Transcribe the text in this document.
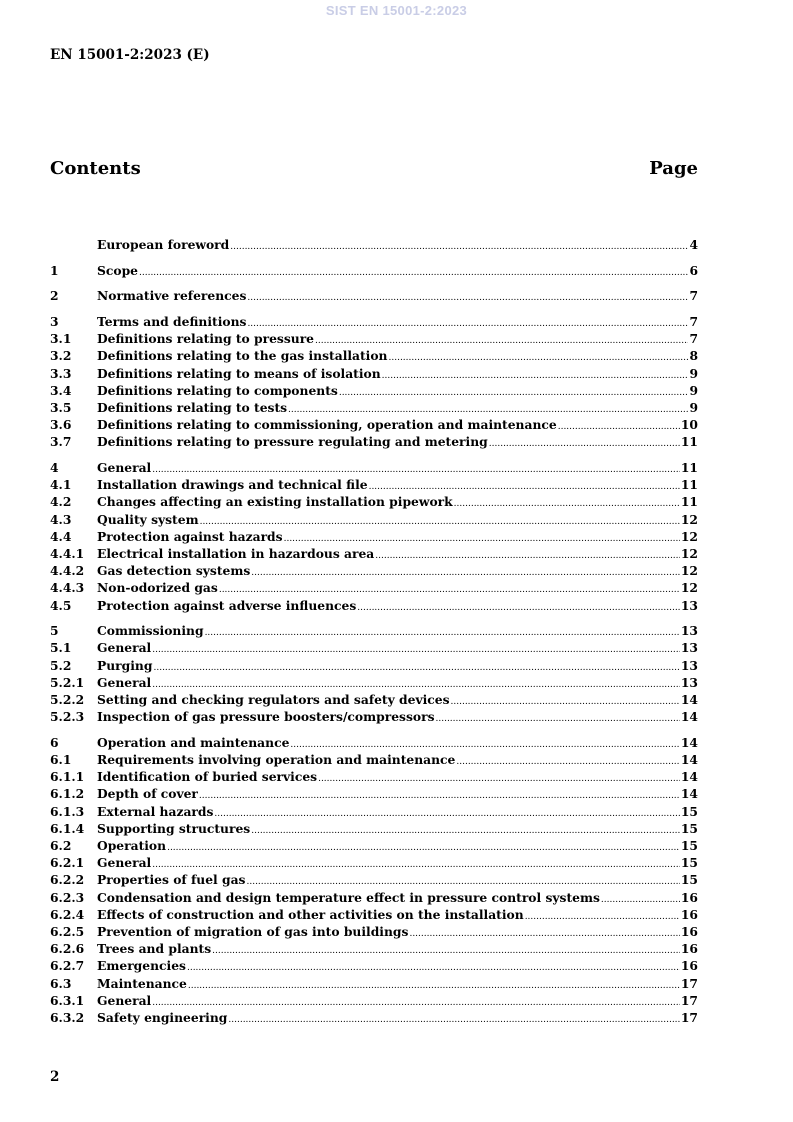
SIST EN 15001-2:2023
EN 15001-2:2023 (E)
Contents	Page
European foreword .....	4
1	Scope .....	6
2	Normative references .....	7
3	Terms and definitions .....	7
3.1	Definitions relating to pressure .....	7
3.2	Definitions relating to the gas installation .....	8
3.3	Definitions relating to means of isolation .....	9
3.4	Definitions relating to components .....	9
3.5	Definitions relating to tests .....	9
3.6	Definitions relating to commissioning, operation and maintenance .....	10
3.7	Definitions relating to pressure regulating and metering .....	11
4	General .....	11
4.1	Installation drawings and technical file .....	11
4.2	Changes affecting an existing installation pipework .....	11
4.3	Quality system .....	12
4.4	Protection against hazards .....	12
4.4.1	Electrical installation in hazardous area .....	12
4.4.2	Gas detection systems .....	12
4.4.3	Non-odorized gas .....	12
4.5	Protection against adverse influences .....	13
5	Commissioning .....	13
5.1	General .....	13
5.2	Purging .....	13
5.2.1	General .....	13
5.2.2	Setting and checking regulators and safety devices .....	14
5.2.3	Inspection of gas pressure boosters/compressors .....	14
6	Operation and maintenance .....	14
6.1	Requirements involving operation and maintenance .....	14
6.1.1	Identification of buried services .....	14
6.1.2	Depth of cover .....	14
6.1.3	External hazards .....	15
6.1.4	Supporting structures .....	15
6.2	Operation .....	15
6.2.1	General .....	15
6.2.2	Properties of fuel gas .....	15
6.2.3	Condensation and design temperature effect in pressure control systems .....	16
6.2.4	Effects of construction and other activities on the installation .....	16
6.2.5	Prevention of migration of gas into buildings .....	16
6.2.6	Trees and plants .....	16
6.2.7	Emergencies .....	16
6.3	Maintenance .....	17
6.3.1	General .....	17
6.3.2	Safety engineering .....	17
2
